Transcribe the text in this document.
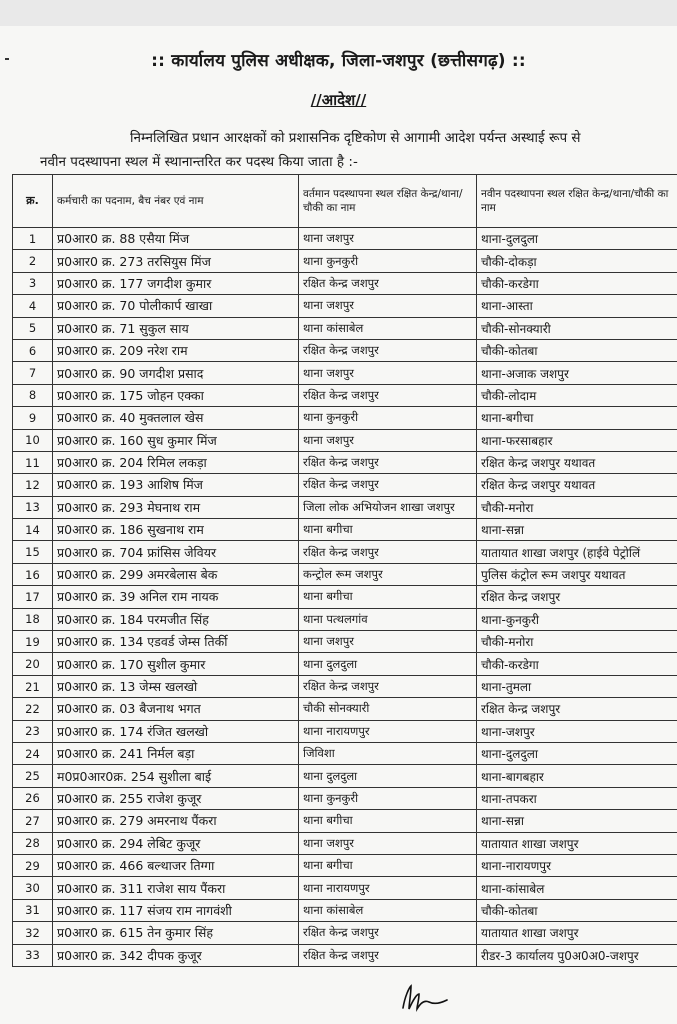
:: कार्यालय पुलिस अधीक्षक, जिला-जशपुर (छत्तीसगढ़) ::
//आदेश//
निम्नलिखित प्रधान आरक्षकों को प्रशासनिक दृष्टिकोण से आगामी आदेश पर्यन्त अस्थाई रूप से
नवीन पदस्थापना स्थल में स्थानान्तरित कर पदस्थ किया जाता है :-
क्र.	कर्मचारी का पदनाम, बैच नंबर एवं नाम	वर्तमान पदस्थापना स्थल रक्षित केन्द्र/थाना/चौकी का नाम	नवीन पदस्थापना स्थल रक्षित केन्द्र/थाना/चौकी का नाम
1	प्र0आर0 क्र. 88 एसैया मिंज	थाना जशपुर	थाना-दुलदुला
2	प्र0आर0 क्र. 273 तरसियुस मिंज	थाना कुनकुरी	चौकी-दोकड़ा
3	प्र0आर0 क्र. 177 जगदीश कुमार	रक्षित केन्द्र जशपुर	चौकी-करडेगा
4	प्र0आर0 क्र. 70 पोलीकार्प खाखा	थाना जशपुर	थाना-आस्ता
5	प्र0आर0 क्र. 71 सुकुल साय	थाना कांसाबेल	चौकी-सोनक्यारी
6	प्र0आर0 क्र. 209 नरेश राम	रक्षित केन्द्र जशपुर	चौकी-कोतबा
7	प्र0आर0 क्र. 90 जगदीश प्रसाद	थाना जशपुर	थाना-अजाक जशपुर
8	प्र0आर0 क्र. 175 जोहन एक्का	रक्षित केन्द्र जशपुर	चौकी-लोदाम
9	प्र0आर0 क्र. 40 मुक्तलाल खेस	थाना कुनकुरी	थाना-बगीचा
10	प्र0आर0 क्र. 160 सुध कुमार मिंज	थाना जशपुर	थाना-फरसाबहार
11	प्र0आर0 क्र. 204 रिमिल लकड़ा	रक्षित केन्द्र जशपुर	रक्षित केन्द्र जशपुर यथावत
12	प्र0आर0 क्र. 193 आशिष मिंज	रक्षित केन्द्र जशपुर	रक्षित केन्द्र जशपुर यथावत
13	प्र0आर0 क्र. 293 मेघनाथ राम	जिला लोक अभियोजन शाखा जशपुर	चौकी-मनोरा
14	प्र0आर0 क्र. 186 सुखनाथ राम	थाना बगीचा	थाना-सन्ना
15	प्र0आर0 क्र. 704 फ्रांसिस जेवियर	रक्षित केन्द्र जशपुर	यातायात शाखा जशपुर (हाईवे पेट्रोलिं
16	प्र0आर0 क्र. 299 अमरबेलास बेक	कन्ट्रोल रूम जशपुर	पुलिस कंट्रोल रूम जशपुर यथावत
17	प्र0आर0 क्र. 39 अनिल राम नायक	थाना बगीचा	रक्षित केन्द्र जशपुर
18	प्र0आर0 क्र. 184 परमजीत सिंह	थाना पत्थलगांव	थाना-कुनकुरी
19	प्र0आर0 क्र. 134 एडवर्ड जेम्स तिर्की	थाना जशपुर	चौकी-मनोरा
20	प्र0आर0 क्र. 170 सुशील कुमार	थाना दुलदुला	चौकी-करडेगा
21	प्र0आर0 क्र. 13 जेम्स खलखो	रक्षित केन्द्र जशपुर	थाना-तुमला
22	प्र0आर0 क्र. 03 बैजनाथ भगत	चौकी सोनक्यारी	रक्षित केन्द्र जशपुर
23	प्र0आर0 क्र. 174 रंजित खलखो	थाना नारायणपुर	थाना-जशपुर
24	प्र0आर0 क्र. 241 निर्मल बड़ा	जिविशा	थाना-दुलदुला
25	म0प्र0आर0क्र. 254 सुशीला बाई	थाना दुलदुला	थाना-बागबहार
26	प्र0आर0 क्र. 255 राजेश कुजूर	थाना कुनकुरी	थाना-तपकरा
27	प्र0आर0 क्र. 279 अमरनाथ पैंकरा	थाना बगीचा	थाना-सन्ना
28	प्र0आर0 क्र. 294 लेबिट कुजूर	थाना जशपुर	यातायात शाखा जशपुर
29	प्र0आर0 क्र. 466 बल्थाजर तिग्गा	थाना बगीचा	थाना-नारायणपुर
30	प्र0आर0 क्र. 311 राजेश साय पैंकरा	थाना नारायणपुर	थाना-कांसाबेल
31	प्र0आर0 क्र. 117 संजय राम नागवंशी	थाना कांसाबेल	चौकी-कोतबा
32	प्र0आर0 क्र. 615 तेन कुमार सिंह	रक्षित केन्द्र जशपुर	यातायात शाखा जशपुर
33	प्र0आर0 क्र. 342 दीपक कुजूर	रक्षित केन्द्र जशपुर	रीडर-3 कार्यालय पु0अ0अ0-जशपुर
